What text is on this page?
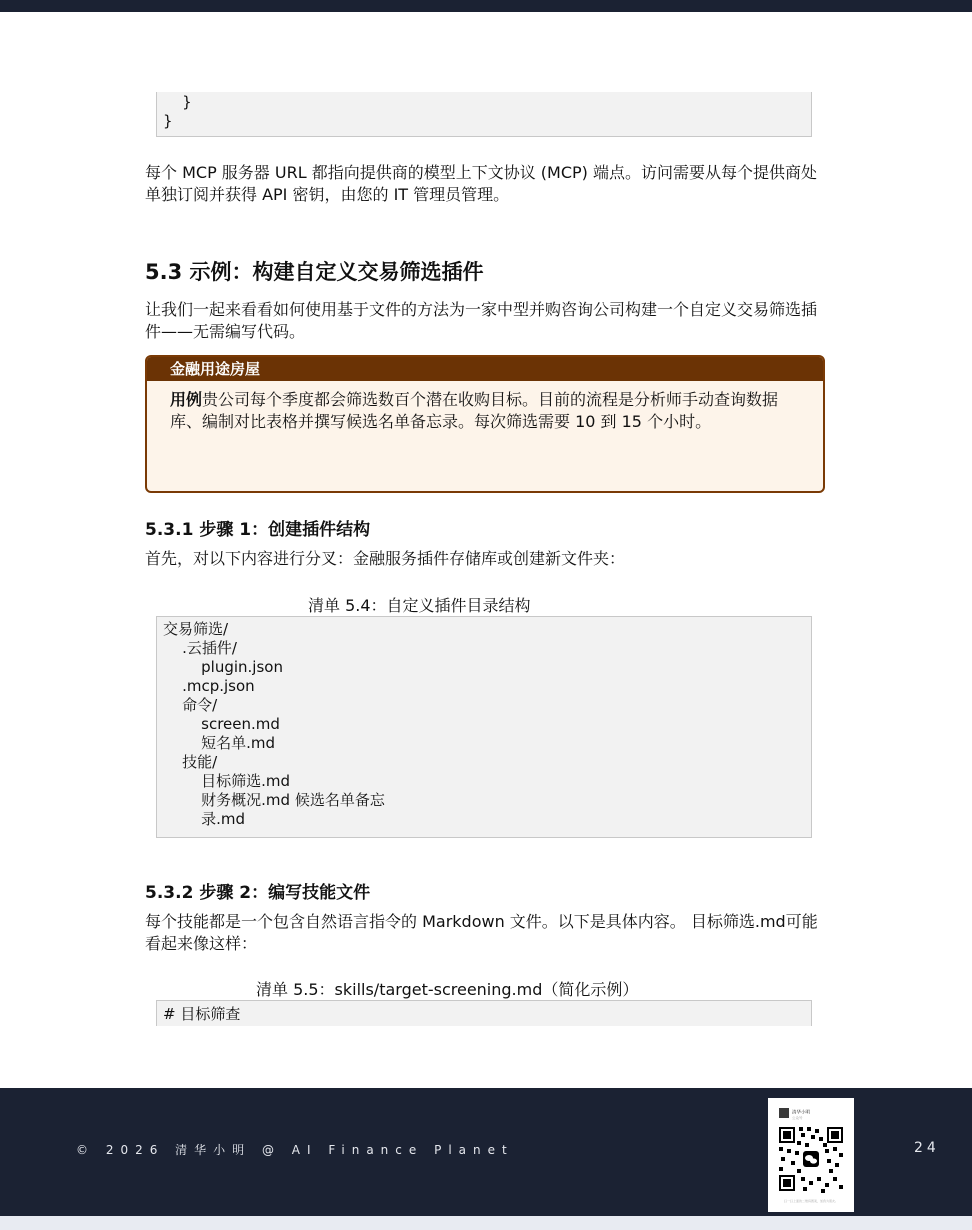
}
}
每个 MCP 服务器 URL 都指向提供商的模型上下文协议 (MCP) 端点。访问需要从每个提供商处单独订阅并获得 API 密钥，由您的 IT 管理员管理。
5.3 示例：构建自定义交易筛选插件
让我们一起来看看如何使用基于文件的方法为一家中型并购咨询公司构建一个自定义交易筛选插件——无需编写代码。
金融用途房屋
用例贵公司每个季度都会筛选数百个潜在收购目标。目前的流程是分析师手动查询数据库、编制对比表格并撰写候选名单备忘录。每次筛选需要 10 到 15 个小时。
5.3.1 步骤 1：创建插件结构
首先，对以下内容进行分叉：金融服务插件存储库或创建新文件夹：
清单 5.4：自定义插件目录结构
交易筛选/
.云插件/
plugin.json
.mcp.json
命令/
screen.md
短名单.md
技能/
目标筛选.md
财务概况.md 候选名单备忘
录.md
5.3.2 步骤 2：编写技能文件
每个技能都是一个包含自然语言指令的 Markdown 文件。以下是具体内容。 目标筛选.md可能看起来像这样：
清单 5.5：skills/target-screening.md（简化示例）
# 目标筛查
© 2026 清华小明 @ AI Finance Planet
清华小明
公众号
扫一扫上面的二维码图案，加我为朋友。
24
